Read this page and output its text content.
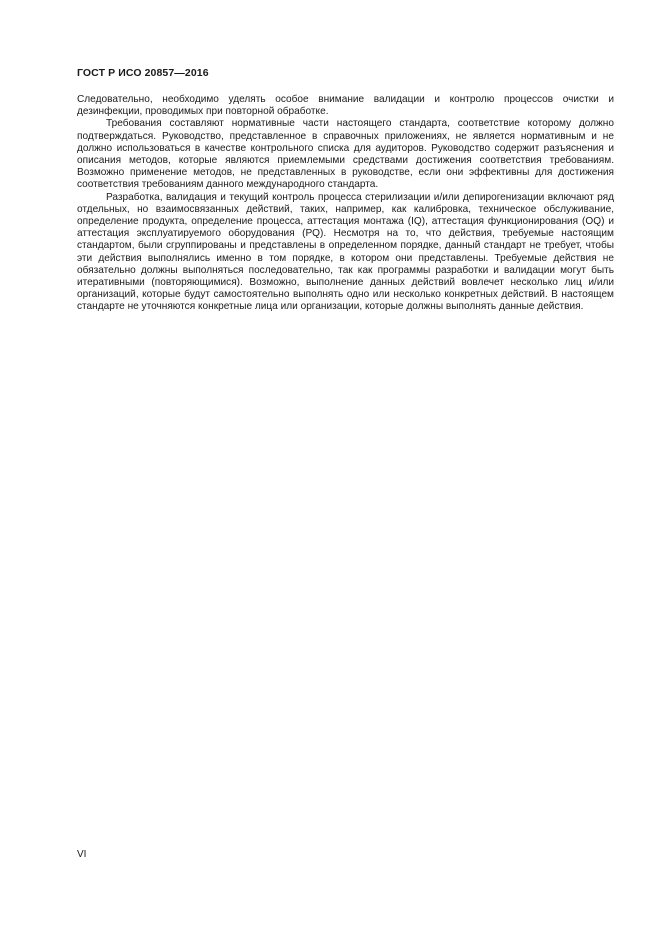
ГОСТ Р ИСО 20857—2016

Следовательно, необходимо уделять особое внимание валидации и контролю процессов очистки и дезинфекции, проводимых при повторной обработке.

Требования составляют нормативные части настоящего стандарта, соответствие которому должно подтверждаться. Руководство, представленное в справочных приложениях, не является нормативным и не должно использоваться в качестве контрольного списка для аудиторов. Руководство содержит разъяснения и описания методов, которые являются приемлемыми средствами достижения соответствия требованиям. Возможно применение методов, не представленных в руководстве, если они эффективны для достижения соответствия требованиям данного международного стандарта.

Разработка, валидация и текущий контроль процесса стерилизации и/или депирогенизации включают ряд отдельных, но взаимосвязанных действий, таких, например, как калибровка, техническое обслуживание, определение продукта, определение процесса, аттестация монтажа (IQ), аттестация функционирования (OQ) и аттестация эксплуатируемого оборудования (PQ). Несмотря на то, что действия, требуемые настоящим стандартом, были сгруппированы и представлены в определенном порядке, данный стандарт не требует, чтобы эти действия выполнялись именно в том порядке, в котором они представлены. Требуемые действия не обязательно должны выполняться последовательно, так как программы разработки и валидации могут быть итеративными (повторяющимися). Возможно, выполнение данных действий вовлечет несколько лиц и/или организаций, которые будут самостоятельно выполнять одно или несколько конкретных действий. В настоящем стандарте не уточняются конкретные лица или организации, которые должны выполнять данные действия.

VI
